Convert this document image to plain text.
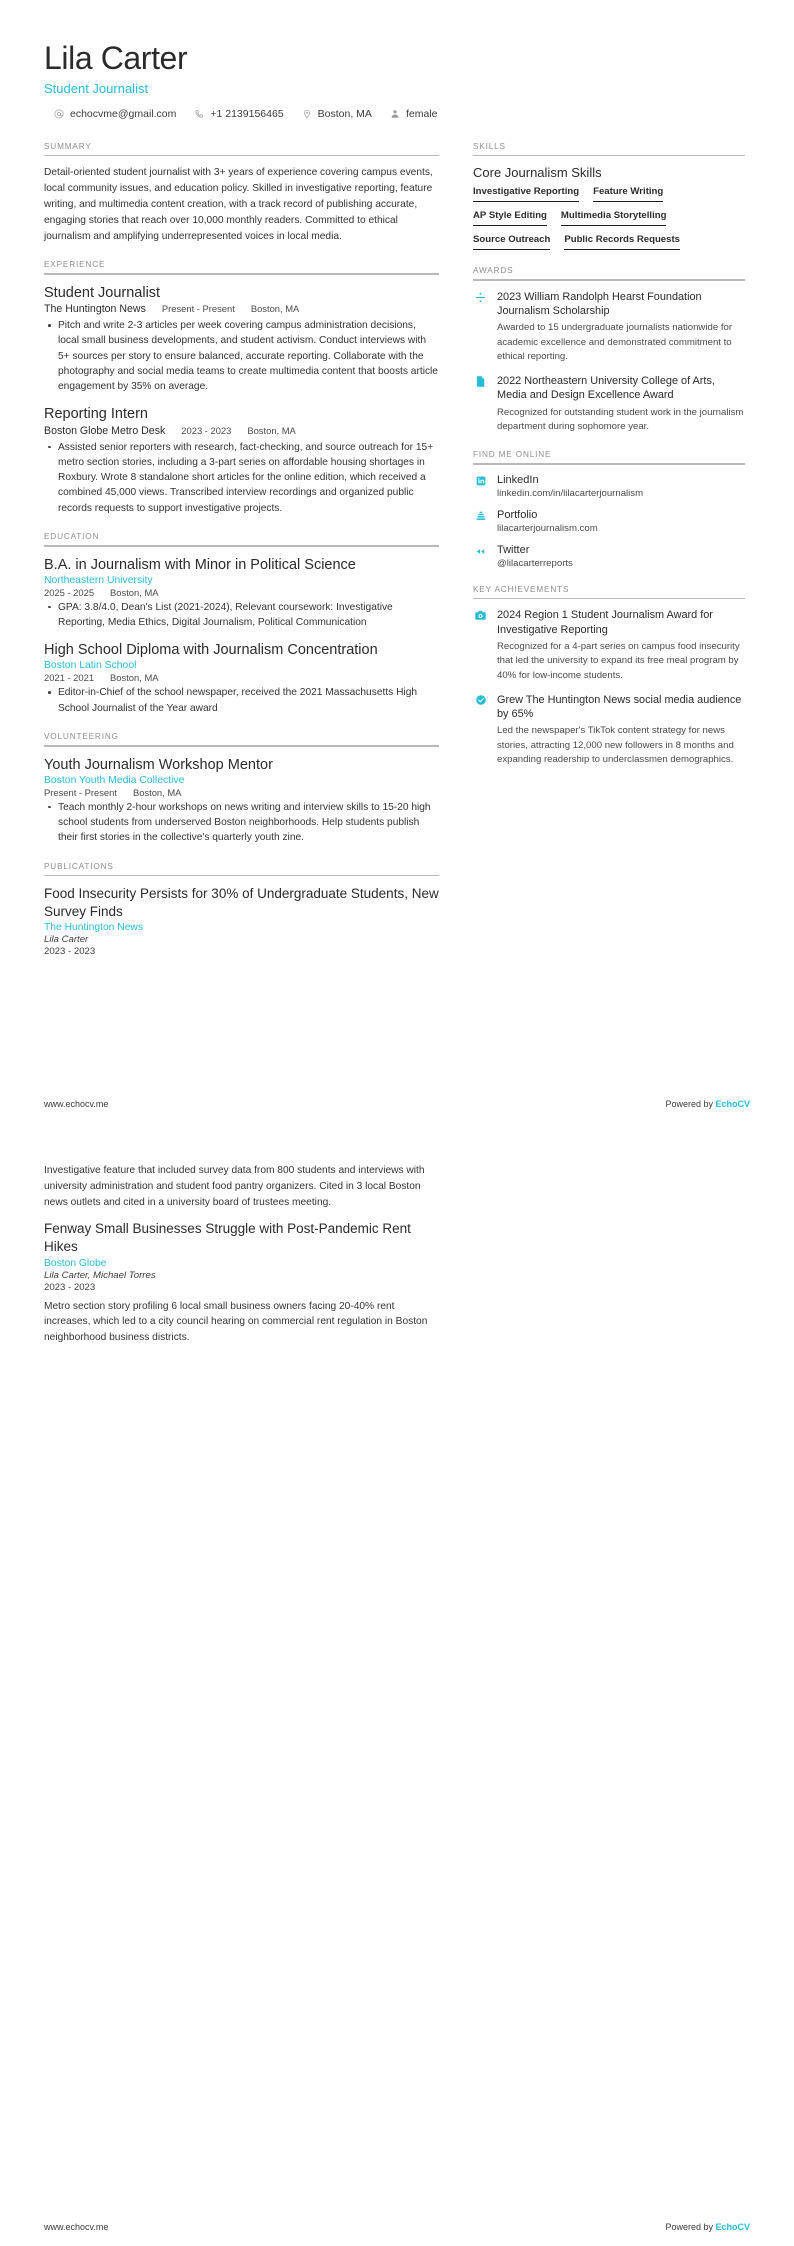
Lila Carter
Student Journalist
echocvme@gmail.com	+1 2139156465	Boston, MA	female
SUMMARY

Detail-oriented student journalist with 3+ years of experience covering campus events, local community issues, and education policy. Skilled in investigative reporting, feature writing, and multimedia content creation, with a track record of publishing accurate, engaging stories that reach over 10,000 monthly readers. Committed to ethical journalism and amplifying underrepresented voices in local media.

EXPERIENCE
Student Journalist
The Huntington News Present - Present Boston, MA
Pitch and write 2-3 articles per week covering campus administration decisions, local small business developments, and student activism. Conduct interviews with 5+ sources per story to ensure balanced, accurate reporting. Collaborate with the photography and social media teams to create multimedia content that boosts article engagement by 35% on average.
Reporting Intern
Boston Globe Metro Desk 2023 - 2023 Boston, MA
Assisted senior reporters with research, fact-checking, and source outreach for 15+ metro section stories, including a 3-part series on affordable housing shortages in Roxbury. Wrote 8 standalone short articles for the online edition, which received a combined 45,000 views. Transcribed interview recordings and organized public records requests to support investigative projects.
EDUCATION
B.A. in Journalism with Minor in Political Science
Northeastern University
2025 - 2025 Boston, MA
GPA: 3.8/4.0, Dean's List (2021-2024), Relevant coursework: Investigative Reporting, Media Ethics, Digital Journalism, Political Communication
High School Diploma with Journalism Concentration
Boston Latin School
2021 - 2021 Boston, MA
Editor-in-Chief of the school newspaper, received the 2021 Massachusetts High School Journalist of the Year award
VOLUNTEERING
Youth Journalism Workshop Mentor
Boston Youth Media Collective
Present - Present Boston, MA
Teach monthly 2-hour workshops on news writing and interview skills to 15-20 high school students from underserved Boston neighborhoods. Help students publish their first stories in the collective's quarterly youth zine.
PUBLICATIONS
Food Insecurity Persists for 30% of Undergraduate Students, New Survey Finds
The Huntington News
Lila Carter
2023 - 2023
SKILLS
Core Journalism Skills
Investigative Reporting Feature Writing
AP Style Editing Multimedia Storytelling
Source Outreach Public Records Requests
AWARDS
2023 William Randolph Hearst Foundation Journalism Scholarship

Awarded to 15 undergraduate journalists nationwide for academic excellence and demonstrated commitment to ethical reporting.

2022 Northeastern University College of Arts, Media and Design Excellence Award

Recognized for outstanding student work in the journalism department during sophomore year.

FIND ME ONLINE
LinkedIn

linkedin.com/in/lilacarterjournalism

Portfolio

lilacarterjournalism.com

Twitter

@lilacarterreports

KEY ACHIEVEMENTS
2024 Region 1 Student Journalism Award for Investigative Reporting

Recognized for a 4-part series on campus food insecurity that led the university to expand its free meal program by 40% for low-income students.

Grew The Huntington News social media audience by 65%

Led the newspaper's TikTok content strategy for news stories, attracting 12,000 new followers in 8 months and expanding readership to underclassmen demographics.

www.echocv.me	Powered by EchoCV

Investigative feature that included survey data from 800 students and interviews with university administration and student food pantry organizers. Cited in 3 local Boston news outlets and cited in a university board of trustees meeting.

Fenway Small Businesses Struggle with Post-Pandemic Rent Hikes
Boston Globe
Lila Carter, Michael Torres
2023 - 2023

Metro section story profiling 6 local small business owners facing 20-40% rent increases, which led to a city council hearing on commercial rent regulation in Boston neighborhood business districts.

www.echocv.me	Powered by EchoCV
